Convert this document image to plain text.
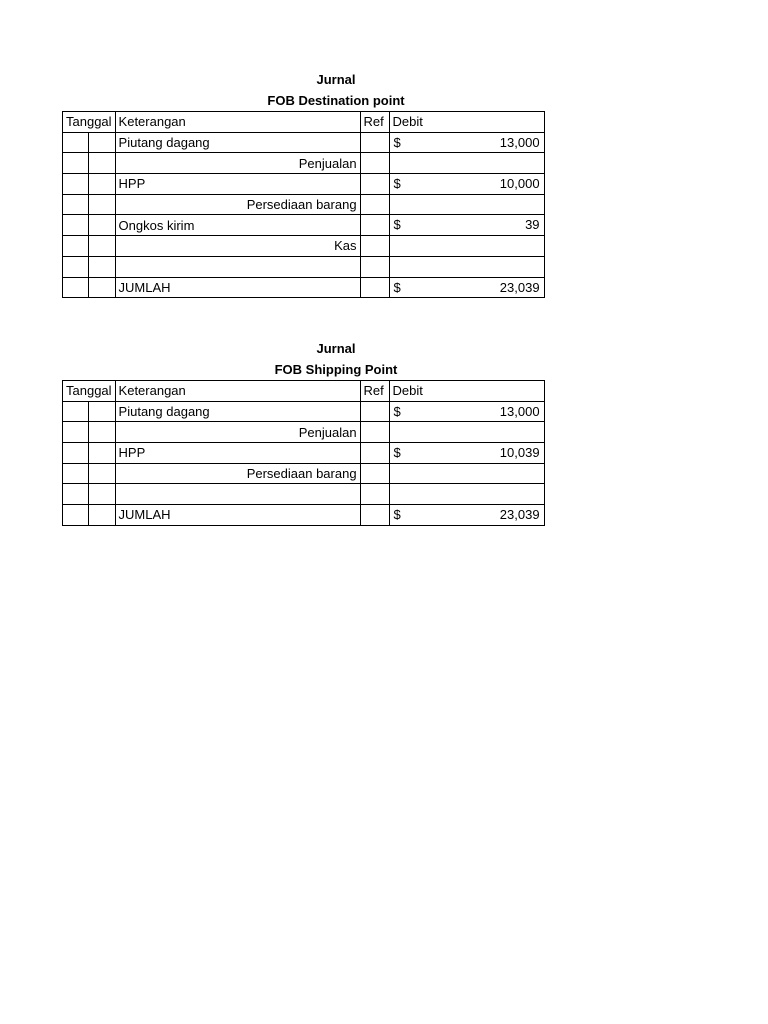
Jurnal
FOB Destination point
Tanggal		Keterangan	Ref	Debit
		Piutang dagang		$ 13,000

		Penjualan		

		HPP		$ 10,000

		Persediaan barang		

		Ongkos kirim		$ 39

		Kas		

		JUMLAH		$ 23,039
Jurnal
FOB Shipping Point
Tanggal		Keterangan	Ref	Debit
		Piutang dagang		$ 13,000

		Penjualan		

		HPP		$ 10,039

		Persediaan barang		

		JUMLAH		$ 23,039
